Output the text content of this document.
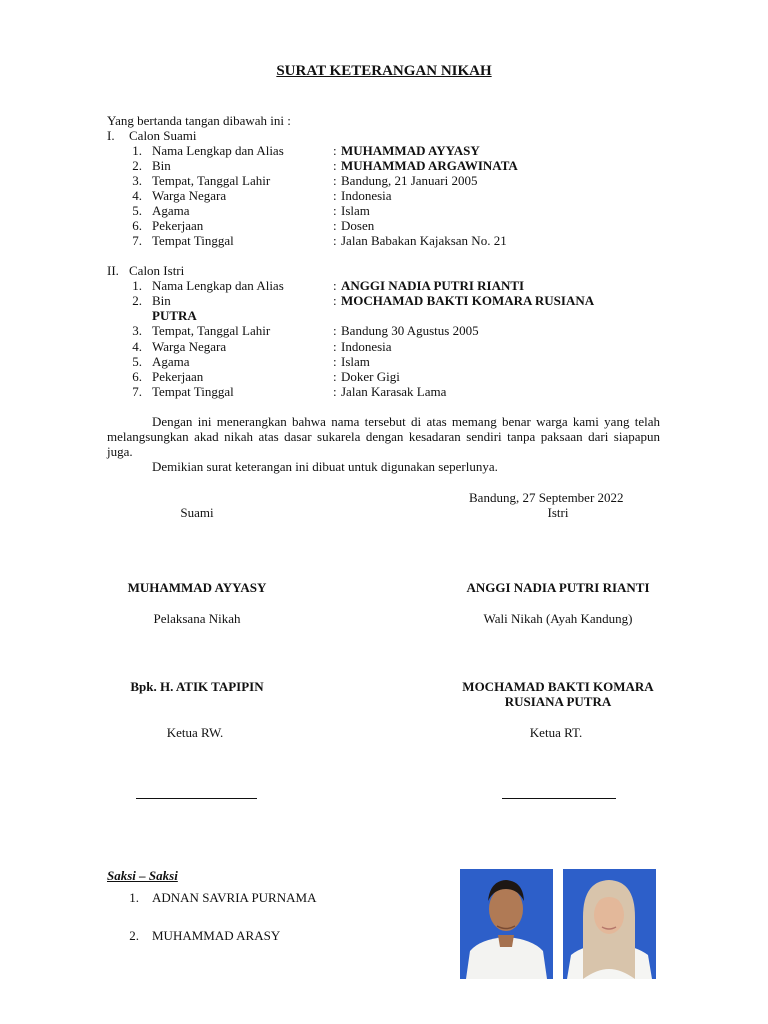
SURAT KETERANGAN NIKAH
Yang bertanda tangan dibawah ini :
I. Calon Suami
1. Nama Lengkap dan Alias	: MUHAMMAD AYYASY
2. Bin	: MUHAMMAD ARGAWINATA
3. Tempat, Tanggal Lahir	: Bandung, 21 Januari 2005
4. Warga Negara	: Indonesia
5. Agama	: Islam
6. Pekerjaan	: Dosen
7. Tempat Tinggal	: Jalan Babakan Kajaksan No. 21
II. Calon Istri
1. Nama Lengkap dan Alias	: ANGGI NADIA PUTRI RIANTI
2. Bin	: MOCHAMAD BAKTI KOMARA RUSIANA
PUTRA
3. Tempat, Tanggal Lahir	: Bandung 30 Agustus 2005
4. Warga Negara	: Indonesia
5. Agama	: Islam
6. Pekerjaan	: Doker Gigi
7. Tempat Tinggal	: Jalan Karasak Lama
Dengan ini menerangkan bahwa nama tersebut di atas memang benar warga kami yang telah melangsungkan akad nikah atas dasar sukarela dengan kesadaran sendiri tanpa paksaan dari siapapun juga.
Demikian surat keterangan ini dibuat untuk digunakan seperlunya.
Bandung, 27 September 2022
Suami	Istri
MUHAMMAD AYYASY	ANGGI NADIA PUTRI RIANTI
Pelaksana Nikah	Wali Nikah (Ayah Kandung)
Bpk. H. ATIK TAPIPIN	MOCHAMAD BAKTI KOMARA
RUSIANA PUTRA
Ketua RW.	Ketua RT.
Saksi – Saksi
1. ADNAN SAVRIA PURNAMA
2. MUHAMMAD ARASY
